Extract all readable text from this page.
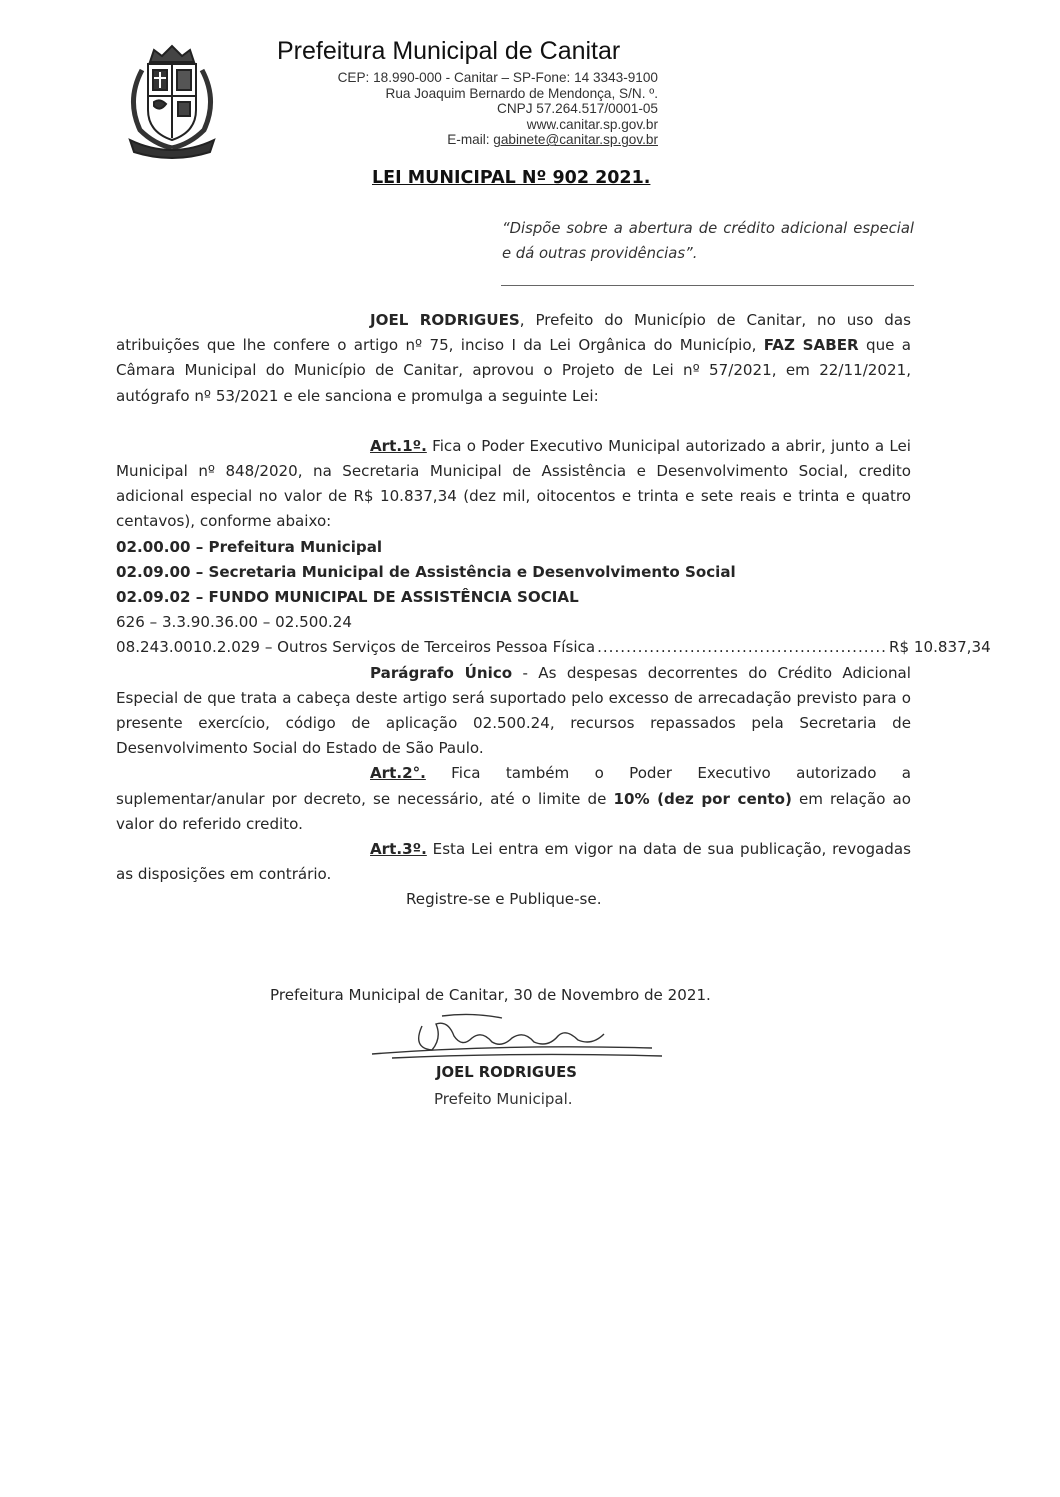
Prefeitura Municipal de Canitar
CEP: 18.990-000 - Canitar – SP-Fone: 14 3343-9100
Rua Joaquim Bernardo de Mendonça, S/N. º.
CNPJ 57.264.517/0001-05
www.canitar.sp.gov.br
E-mail: gabinete@canitar.sp.gov.br
LEI MUNICIPAL Nº 902 2021.
“Dispõe sobre a abertura de crédito adicional especial e dá outras providências”.

JOEL RODRIGUES, Prefeito do Município de Canitar, no uso das atribuições que lhe confere o artigo nº 75, inciso I da Lei Orgânica do Município, FAZ SABER que a Câmara Municipal do Município de Canitar, aprovou o Projeto de Lei nº 57/2021, em 22/11/2021, autógrafo nº 53/2021 e ele sanciona e promulga a seguinte Lei:

Art.1º. Fica o Poder Executivo Municipal autorizado a abrir, junto a Lei Municipal nº 848/2020, na Secretaria Municipal de Assistência e Desenvolvimento Social, credito adicional especial no valor de R$ 10.837,34 (dez mil, oitocentos e trinta e sete reais e trinta e quatro centavos), conforme abaixo:

02.00.00 – Prefeitura Municipal

02.09.00 – Secretaria Municipal de Assistência e Desenvolvimento Social

02.09.02 – FUNDO MUNICIPAL DE ASSISTÊNCIA SOCIAL

626 – 3.3.90.36.00 – 02.500.24

08.243.0010.2.029 – Outros Serviços de Terceiros Pessoa Física .................................................. R$ 10.837,34

Parágrafo Único - As despesas decorrentes do Crédito Adicional Especial de que trata a cabeça deste artigo será suportado pelo excesso de arrecadação previsto para o presente exercício, código de aplicação 02.500.24, recursos repassados pela Secretaria de Desenvolvimento Social do Estado de São Paulo.

Art.2°. Fica também o Poder Executivo autorizado a suplementar/anular por decreto, se necessário, até o limite de 10% (dez por cento) em relação ao valor do referido credito.

Art.3º. Esta Lei entra em vigor na data de sua publicação, revogadas as disposições em contrário.

Registre-se e Publique-se.

Prefeitura Municipal de Canitar, 30 de Novembro de 2021.
JOEL RODRIGUES
Prefeito Municipal.
